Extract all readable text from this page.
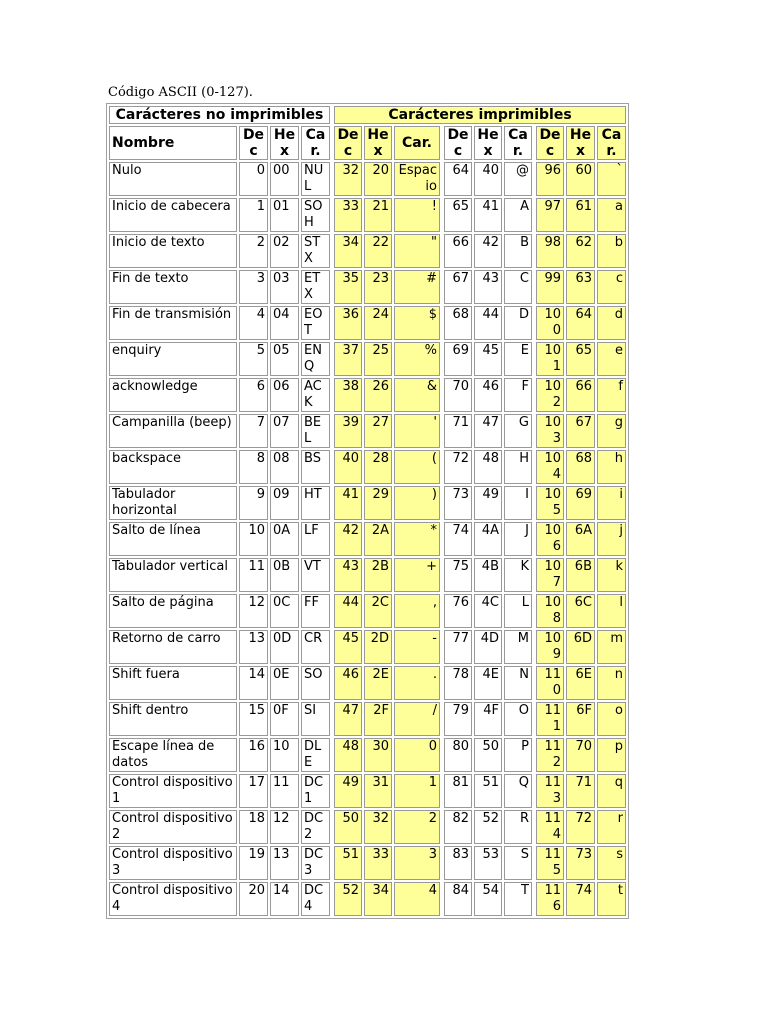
Código ASCII (0-127).
Carácteres no imprimibles					Carácteres imprimibles										
Nombre	Dec	Hex	Car.		Dec	Hex	Car.		Dec	Hex	Car.		Dec	Hex	Car.
Nulo	0	00	NUL		32	20	Espacio		64	40	@		96	60	`
Inicio de cabecera	1	01	SOH		33	21	!		65	41	A		97	61	a
Inicio de texto	2	02	STX		34	22	"		66	42	B		98	62	b
Fin de texto	3	03	ETX		35	23	#		67	43	C		99	63	c
Fin de transmisión	4	04	EOT		36	24	$		68	44	D		100	64	d
enquiry	5	05	ENQ		37	25	%		69	45	E		101	65	e
acknowledge	6	06	ACK		38	26	&		70	46	F		102	66	f
Campanilla (beep)	7	07	BEL		39	27	'		71	47	G		103	67	g
backspace	8	08	BS		40	28	(		72	48	H		104	68	h
Tabulador horizontal	9	09	HT		41	29	)		73	49	I		105	69	i
Salto de línea	10	0A	LF		42	2A	*		74	4A	J		106	6A	j
Tabulador vertical	11	0B	VT		43	2B	+		75	4B	K		107	6B	k
Salto de página	12	0C	FF		44	2C	,		76	4C	L		108	6C	l
Retorno de carro	13	0D	CR		45	2D	-		77	4D	M		109	6D	m
Shift fuera	14	0E	SO		46	2E	.		78	4E	N		110	6E	n
Shift dentro	15	0F	SI		47	2F	/		79	4F	O		111	6F	o
Escape línea de datos	16	10	DLE		48	30	0		80	50	P		112	70	p
Control dispositivo 1	17	11	DC1		49	31	1		81	51	Q		113	71	q
Control dispositivo 2	18	12	DC2		50	32	2		82	52	R		114	72	r
Control dispositivo 3	19	13	DC3		51	33	3		83	53	S		115	73	s
Control dispositivo 4	20	14	DC4		52	34	4		84	54	T		116	74	t
